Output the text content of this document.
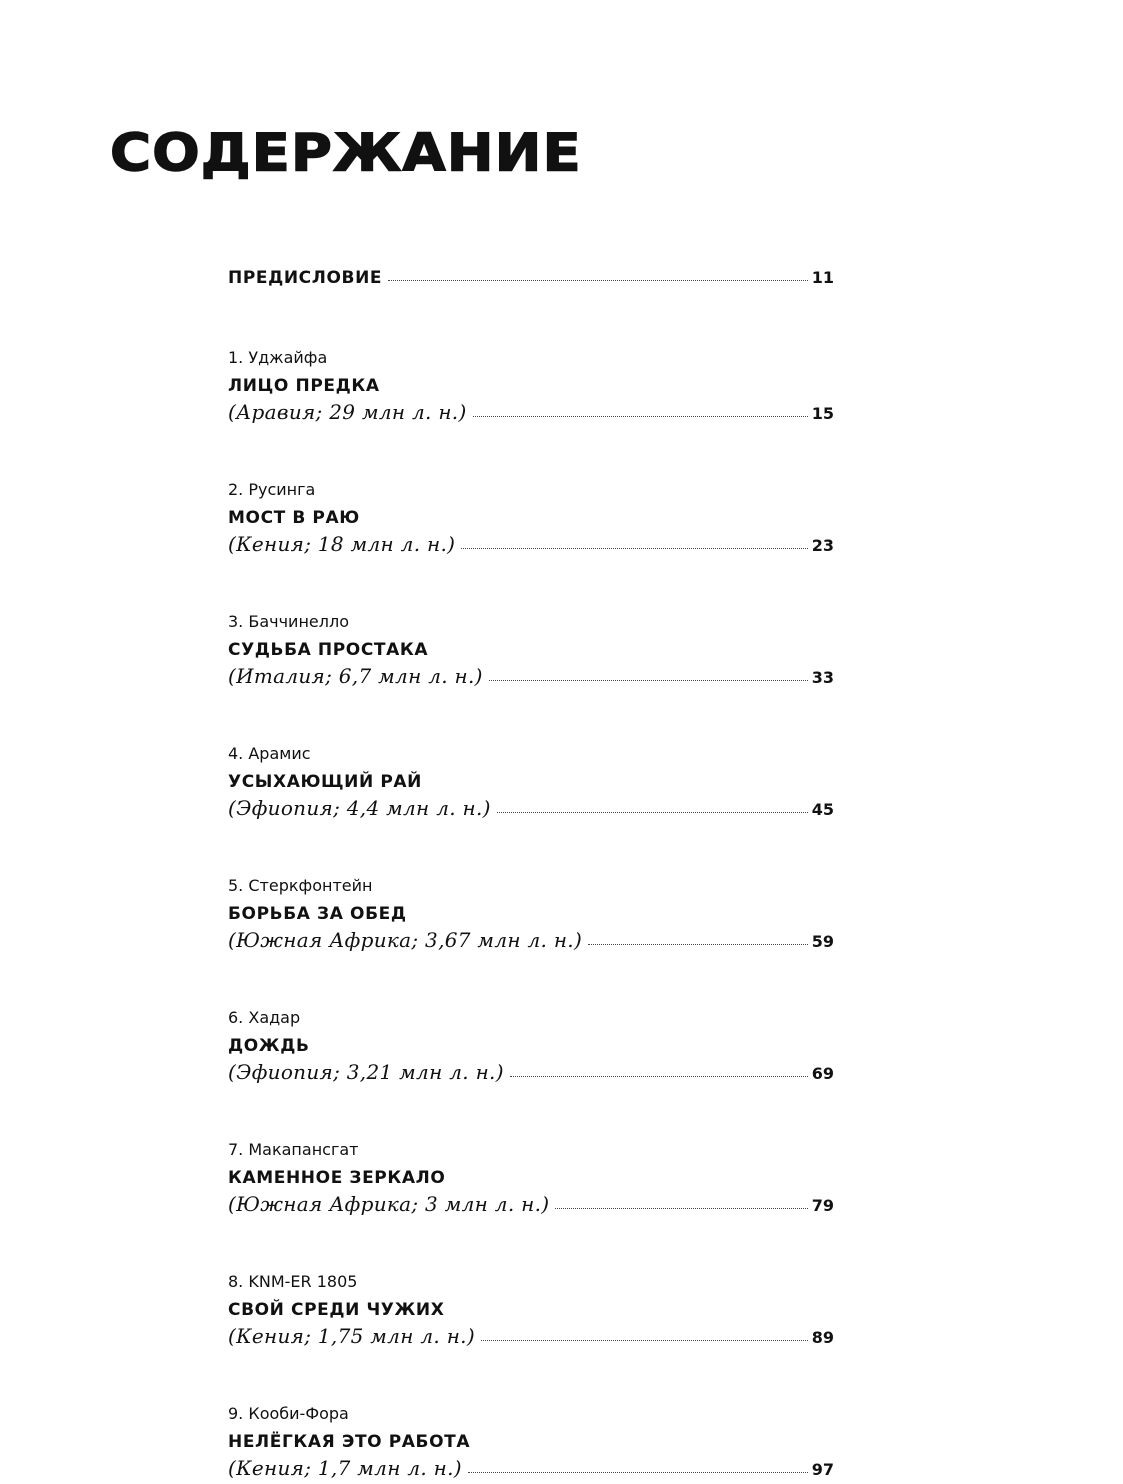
СОДЕРЖАНИЕ
ПРЕДИСЛОВИЕ	11
1. Уджайфа
ЛИЦО ПРЕДКА
(Аравия; 29 млн л. н.)	15
2. Русинга
МОСТ В РАЮ
(Кения; 18 млн л. н.)	23
3. Баччинелло
СУДЬБА ПРОСТАКА
(Италия; 6,7 млн л. н.)	33
4. Арамис
УСЫХАЮЩИЙ РАЙ
(Эфиопия; 4,4 млн л. н.)	45
5. Стеркфонтейн
БОРЬБА ЗА ОБЕД
(Южная Африка; 3,67 млн л. н.)	59
6. Хадар
ДОЖДЬ
(Эфиопия; 3,21 млн л. н.)	69
7. Макапансгат
КАМЕННОЕ ЗЕРКАЛО
(Южная Африка; 3 млн л. н.)	79
8. KNM-ER 1805
СВОЙ СРЕДИ ЧУЖИХ
(Кения; 1,75 млн л. н.)	89
9. Кооби-Фора
НЕЛЁГКАЯ ЭТО РАБОТА
(Кения; 1,7 млн л. н.)	97
